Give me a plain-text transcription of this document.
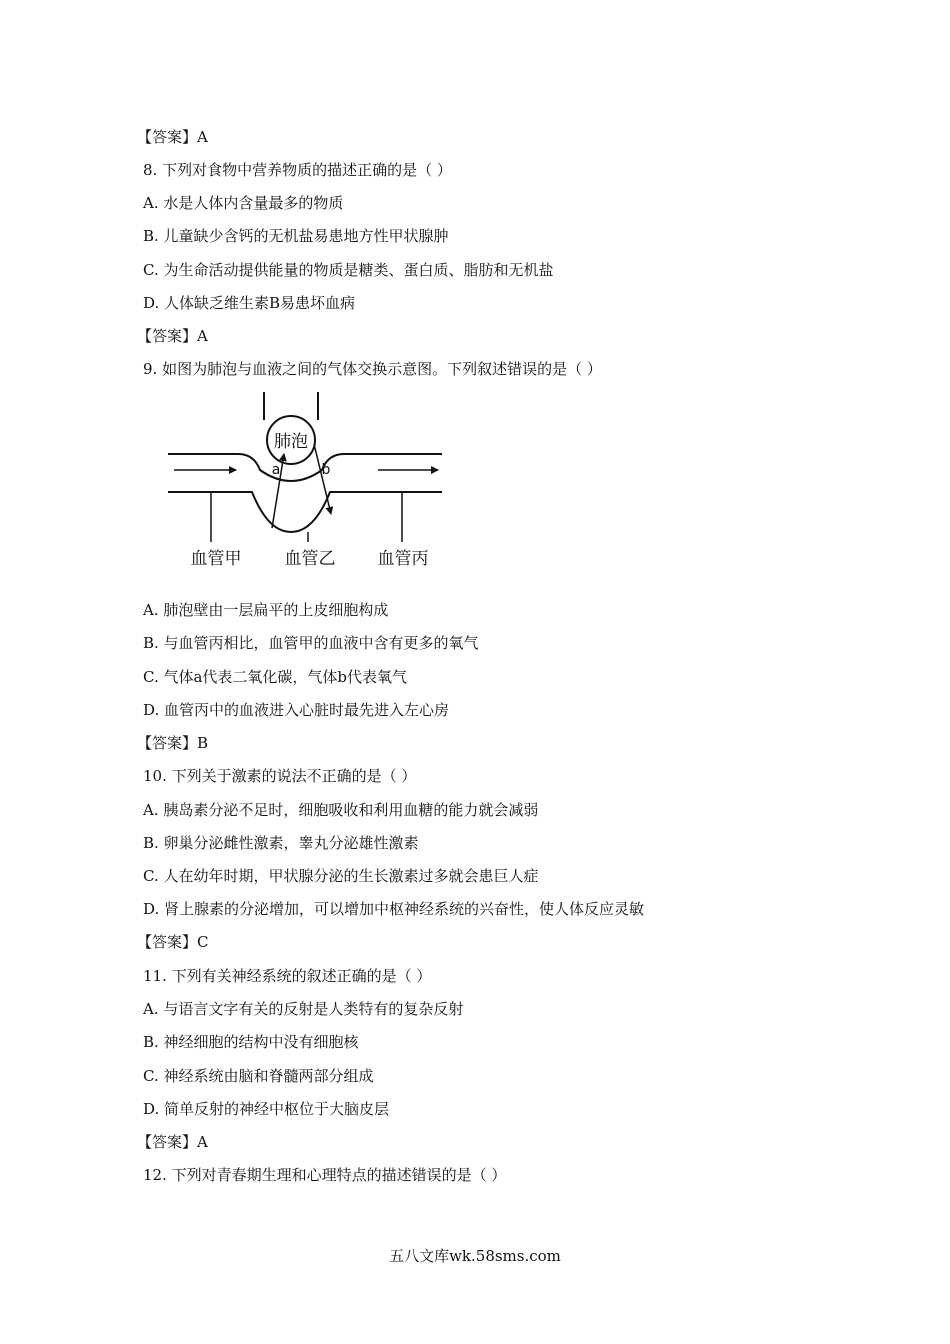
【答案】A
8. 下列对食物中营养物质的描述正确的是（ ）
A. 水是人体内含量最多的物质
B. 儿童缺少含钙的无机盐易患地方性甲状腺肿
C. 为生命活动提供能量的物质是糖类、蛋白质、脂肪和无机盐
D. 人体缺乏维生素B易患坏血病
【答案】A
9. 如图为肺泡与血液之间的气体交换示意图。下列叙述错误的是（ ）
肺泡
a	b
血管甲	血管乙 血管丙
A. 肺泡壁由一层扁平的上皮细胞构成
B. 与血管丙相比，血管甲的血液中含有更多的氧气
C. 气体a代表二氧化碳，气体b代表氧气
D. 血管丙中的血液进入心脏时最先进入左心房
【答案】B
10. 下列关于激素的说法不正确的是（ ）
A. 胰岛素分泌不足时，细胞吸收和利用血糖的能力就会减弱
B. 卵巢分泌雌性激素，睾丸分泌雄性激素
C. 人在幼年时期，甲状腺分泌的生长激素过多就会患巨人症
D. 肾上腺素的分泌增加，可以增加中枢神经系统的兴奋性，使人体反应灵敏
【答案】C
11. 下列有关神经系统的叙述正确的是（ ）
A. 与语言文字有关的反射是人类特有的复杂反射
B. 神经细胞的结构中没有细胞核
C. 神经系统由脑和脊髓两部分组成
D. 简单反射的神经中枢位于大脑皮层
【答案】A
12. 下列对青春期生理和心理特点的描述错误的是（ ）
五八文库wk.58sms.com
